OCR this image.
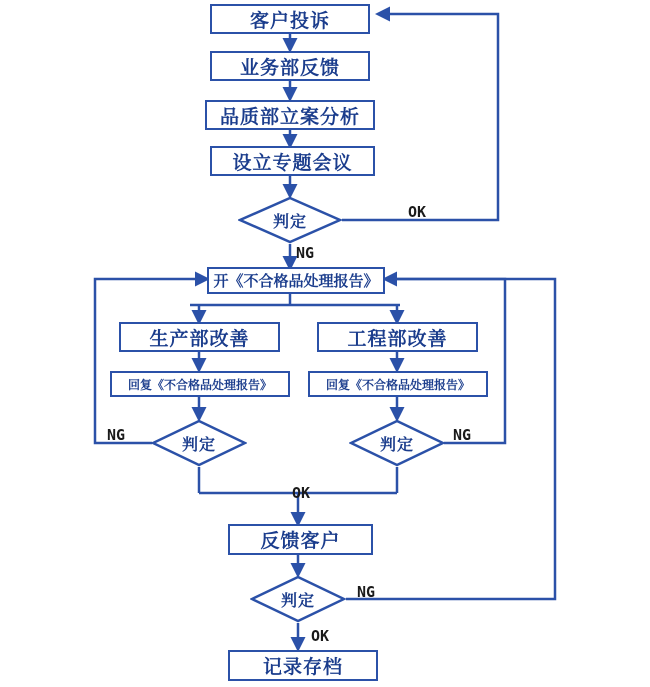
客户投诉
业务部反馈
品质部立案分析
设立专题会议
判定
开《不合格品处理报告》
生产部改善	工程部改善
回复《不合格品处理报告》	回复《不合格品处理报告》
判定	判定
反馈客户
判定
记录存档
OK
NG
NG	NG
OK
NG
OK
